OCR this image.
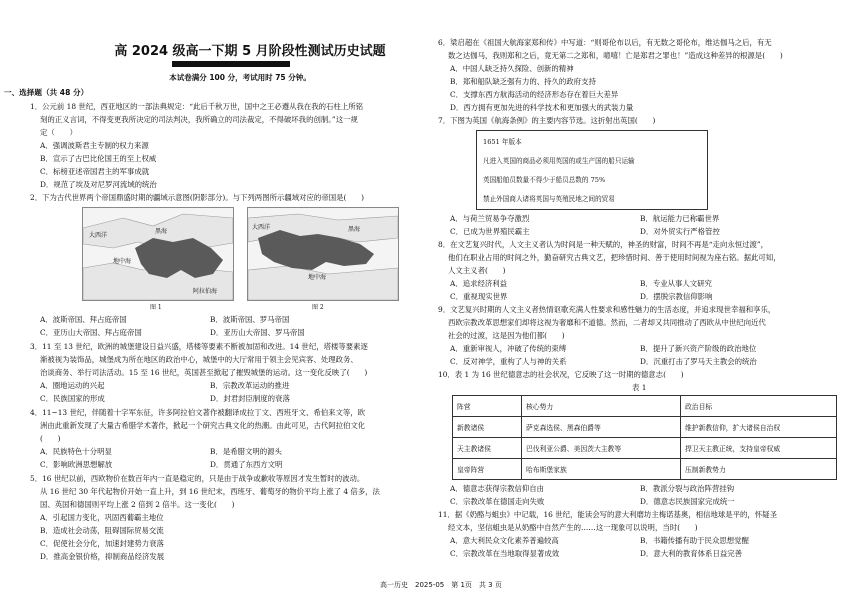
高 2024 级高一下期 5 月阶段性测试历史试题
本试卷满分 100 分，考试用时 75 分钟。
一、选择题（共 48 分）
1．公元前 18 世纪，西亚地区的一部法典规定：“此后千秋万世，国中之王必遵从我在我的石柱上所铭
刻的正义言词，不得变更我所决定的司法判决，我所确立的司法裁定，不得破坏我的创制。”这一规
定（　　）
A．强调波斯君主专制的权力来源
B．宣示了古巴比伦国王的至上权威
C．标榜亚述帝国君主的军事成就
D．规范了埃及对尼罗河流域的统治
2．下为古代世界两个帝国鼎盛时期的疆域示意图(阴影部分)。与下列两图所示疆域对应的帝国是(　　)
大西洋
黑海
地中海
阿拉伯海
图 1
大西洋	黑海
地中海
图 2
A．波斯帝国、拜占庭帝国	B．波斯帝国、罗马帝国
C．亚历山大帝国、拜占庭帝国	D．亚历山大帝国、罗马帝国
3．11 至 13 世纪，欧洲的城堡建设日益兴盛，塔楼等要素不断被加固和改进。14 世纪，塔楼等要素逐
渐被视为装饰品，城堡成为所在地区的政治中心，城堡中的大厅常用于领主会见宾客、处理政务、
治谈商务、举行司法活动。15 至 16 世纪，英国甚至掀起了摧毁城堡的运动。这一变化反映了(　　)
A．圈地运动的兴起	B．宗教改革运动的推进
C．民族国家的形成	D．封君封臣制度的衰落
4．11~13 世纪，伴随着十字军东征，许多阿拉伯文著作被翻译成拉丁文、西班牙文、希伯来文等，欧
洲由此重新发现了大量古希腊学术著作，掀起一个研究古典文化的热潮。由此可见，古代阿拉伯文化
(　　)
A．民族特色十分明显	B．是希腊文明的源头
C．影响欧洲思想解放	D．贯通了东西方文明
5．16 世纪以前，西欧物价在数百年内一直是稳定的，只是由于战争或歉收等原因才发生暂时的波动。
从 16 世纪 30 年代起物价开始一直上升，到 16 世纪末，西班牙、葡萄牙的物价平均上涨了 4 倍多，法
国、英国和德国则平均上涨 2 倍到 2 倍半。这一变化(　　)
A．引起国力变化，巩固西葡霸主地位
B．造成社会动荡，阻碍国际贸易交流
C．促使社会分化，加速封建势力衰落
D．推高金银价格，抑制商品经济发展
6．梁启超在《祖国大航海家郑和传》中写道：“则哥伦布以后，有无数之哥伦布，维达伽马之后，有无
数之达伽马，我则郑和之后，竟无第二之郑和，噫嘻！亡是郑君之罪也！”造成这种差异的根源是(　　)
A．中国人缺乏持久探险、创新的精神
B．郑和船队缺乏强有力的、持久的政府支持
C．支撑东西方航海活动的经济形态存在着巨大差异
D．西方拥有更加先进的科学技术和更加强大的武装力量
7．下图为英国《航海条例》的主要内容节选。这折射出英国(　　)
1651 年版本
凡进入英国的商品必须用英国的或生产国的船只运输
英国船舶员数量不得少于船员总数的 75%
禁止外国商人诸将英国与英殖民地之间的贸易
A．与荷兰贸易争夺激烈	B．航运能力已称霸世界
C．已成为世界殖民霸主	D．对外贸实行严格管控
8．在文艺复兴时代，人文主义者认为时间是一种天赋的，神圣的财富，时间不再是“走向永恒过渡”，
他们在职业占用的时间之外，勤奋研究古典文艺，把珍惜时间、善于使用时间视为座右铭。据此可知，
人文主义者(　　)
A．追求经济利益	B．专业从事人文研究
C．重视现实世界	D．摆脱宗教信仰影响
9．文艺复兴时期的人文主义者热情讴歌充满人性要求和感性魅力的生活态度，并追求现世幸福和享乐，
西欧宗教改革思想家们却将这视为奢靡和不道德。然而，二者却又共同推动了西欧从中世纪向近代
社会的过渡，这是因为他们都(　　)
A．重新审视人，冲破了传统的束缚	B．提升了新兴资产阶级的政治地位
C．反对神学，重构了人与神的关系	D．沉重打击了罗马天主教会的统治
10．表 1 为 16 世纪德意志的社会状况，它反映了这一时期的德意志(　　)
表 1
阵营	核心势力	政治目标
新教诸侯	萨克森选侯、黑森伯爵等	维护新教信仰，扩大诸侯自治权
天主教诸侯	巴伐利亚公爵、美因茨大主教等	捍卫天主教正统，支持皇帝权威
皇帝阵营	哈布斯堡家族	压制新教势力
A．德意志获得宗教信仰自由	B．教派分裂与政治阵营挂钩
C．宗教改革在德国走向失败	D．德意志民族国家完成统一
11．据《奶酪与蛆虫》中记载，16 世纪，能读会写的意大利磨坊主梅诺基奥，相信地球是平的，怀疑圣
经文本，坚信蛆虫是从奶酪中自然产生的……这一现象可以说明，当时(　　)
A．意大利民众文化素养普遍较高	B．书籍传播有助于民众思想觉醒
C．宗教改革在当地取得显著成效	D．意大利的教育体系日益完善
高一历史　2025-05　第 1页　共 3 页
